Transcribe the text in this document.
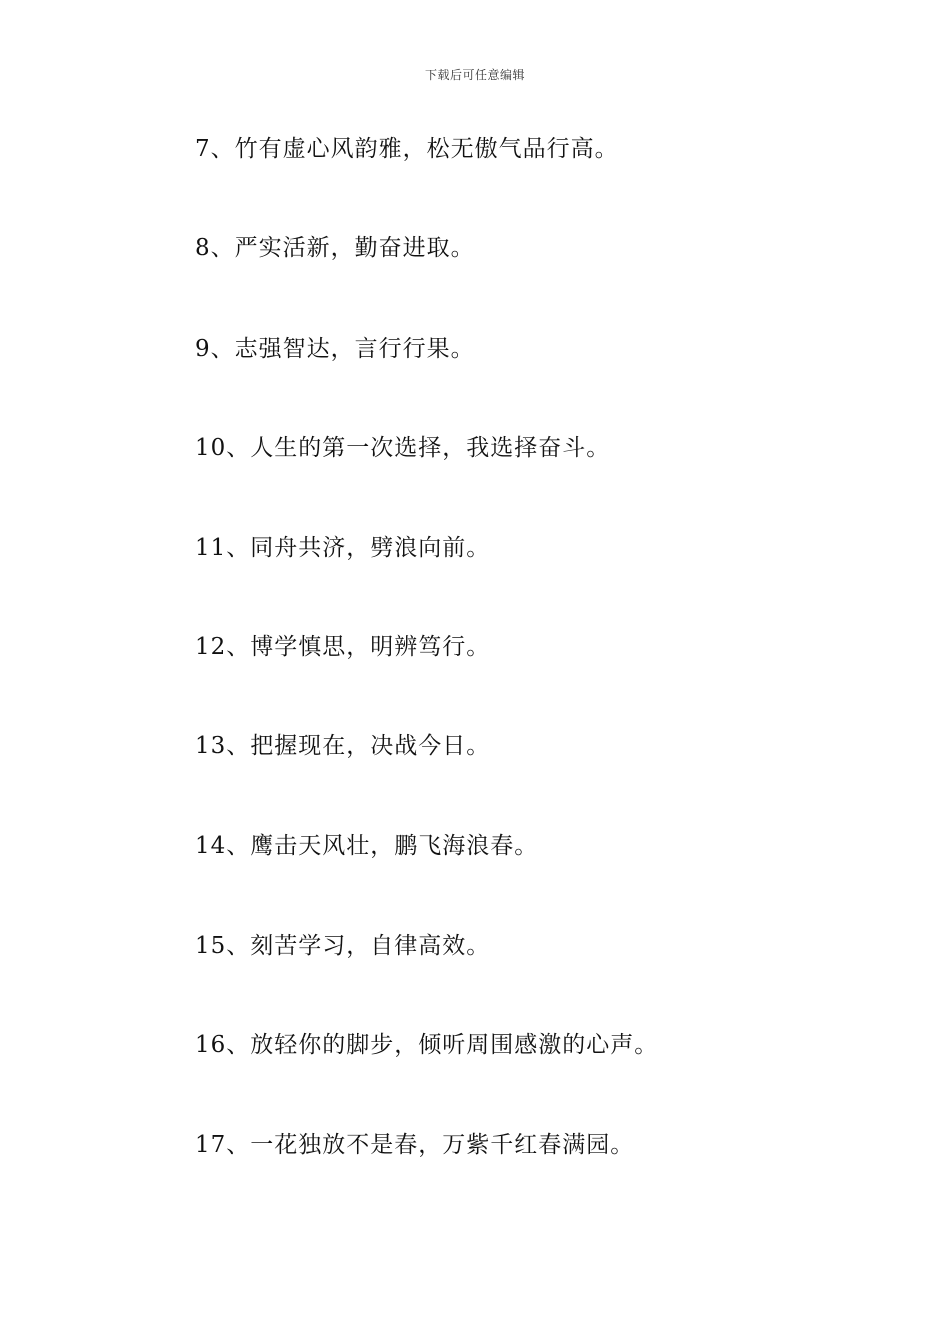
下载后可任意编辑
7、竹有虚心风韵雅，松无傲气品行高。
8、严实活新，勤奋进取。
9、志强智达，言行行果。
10、人生的第一次选择，我选择奋斗。
11、同舟共济，劈浪向前。
12、博学慎思，明辨笃行。
13、把握现在，决战今日。
14、鹰击天风壮，鹏飞海浪春。
15、刻苦学习，自律高效。
16、放轻你的脚步，倾听周围感激的心声。
17、一花独放不是春，万紫千红春满园。
